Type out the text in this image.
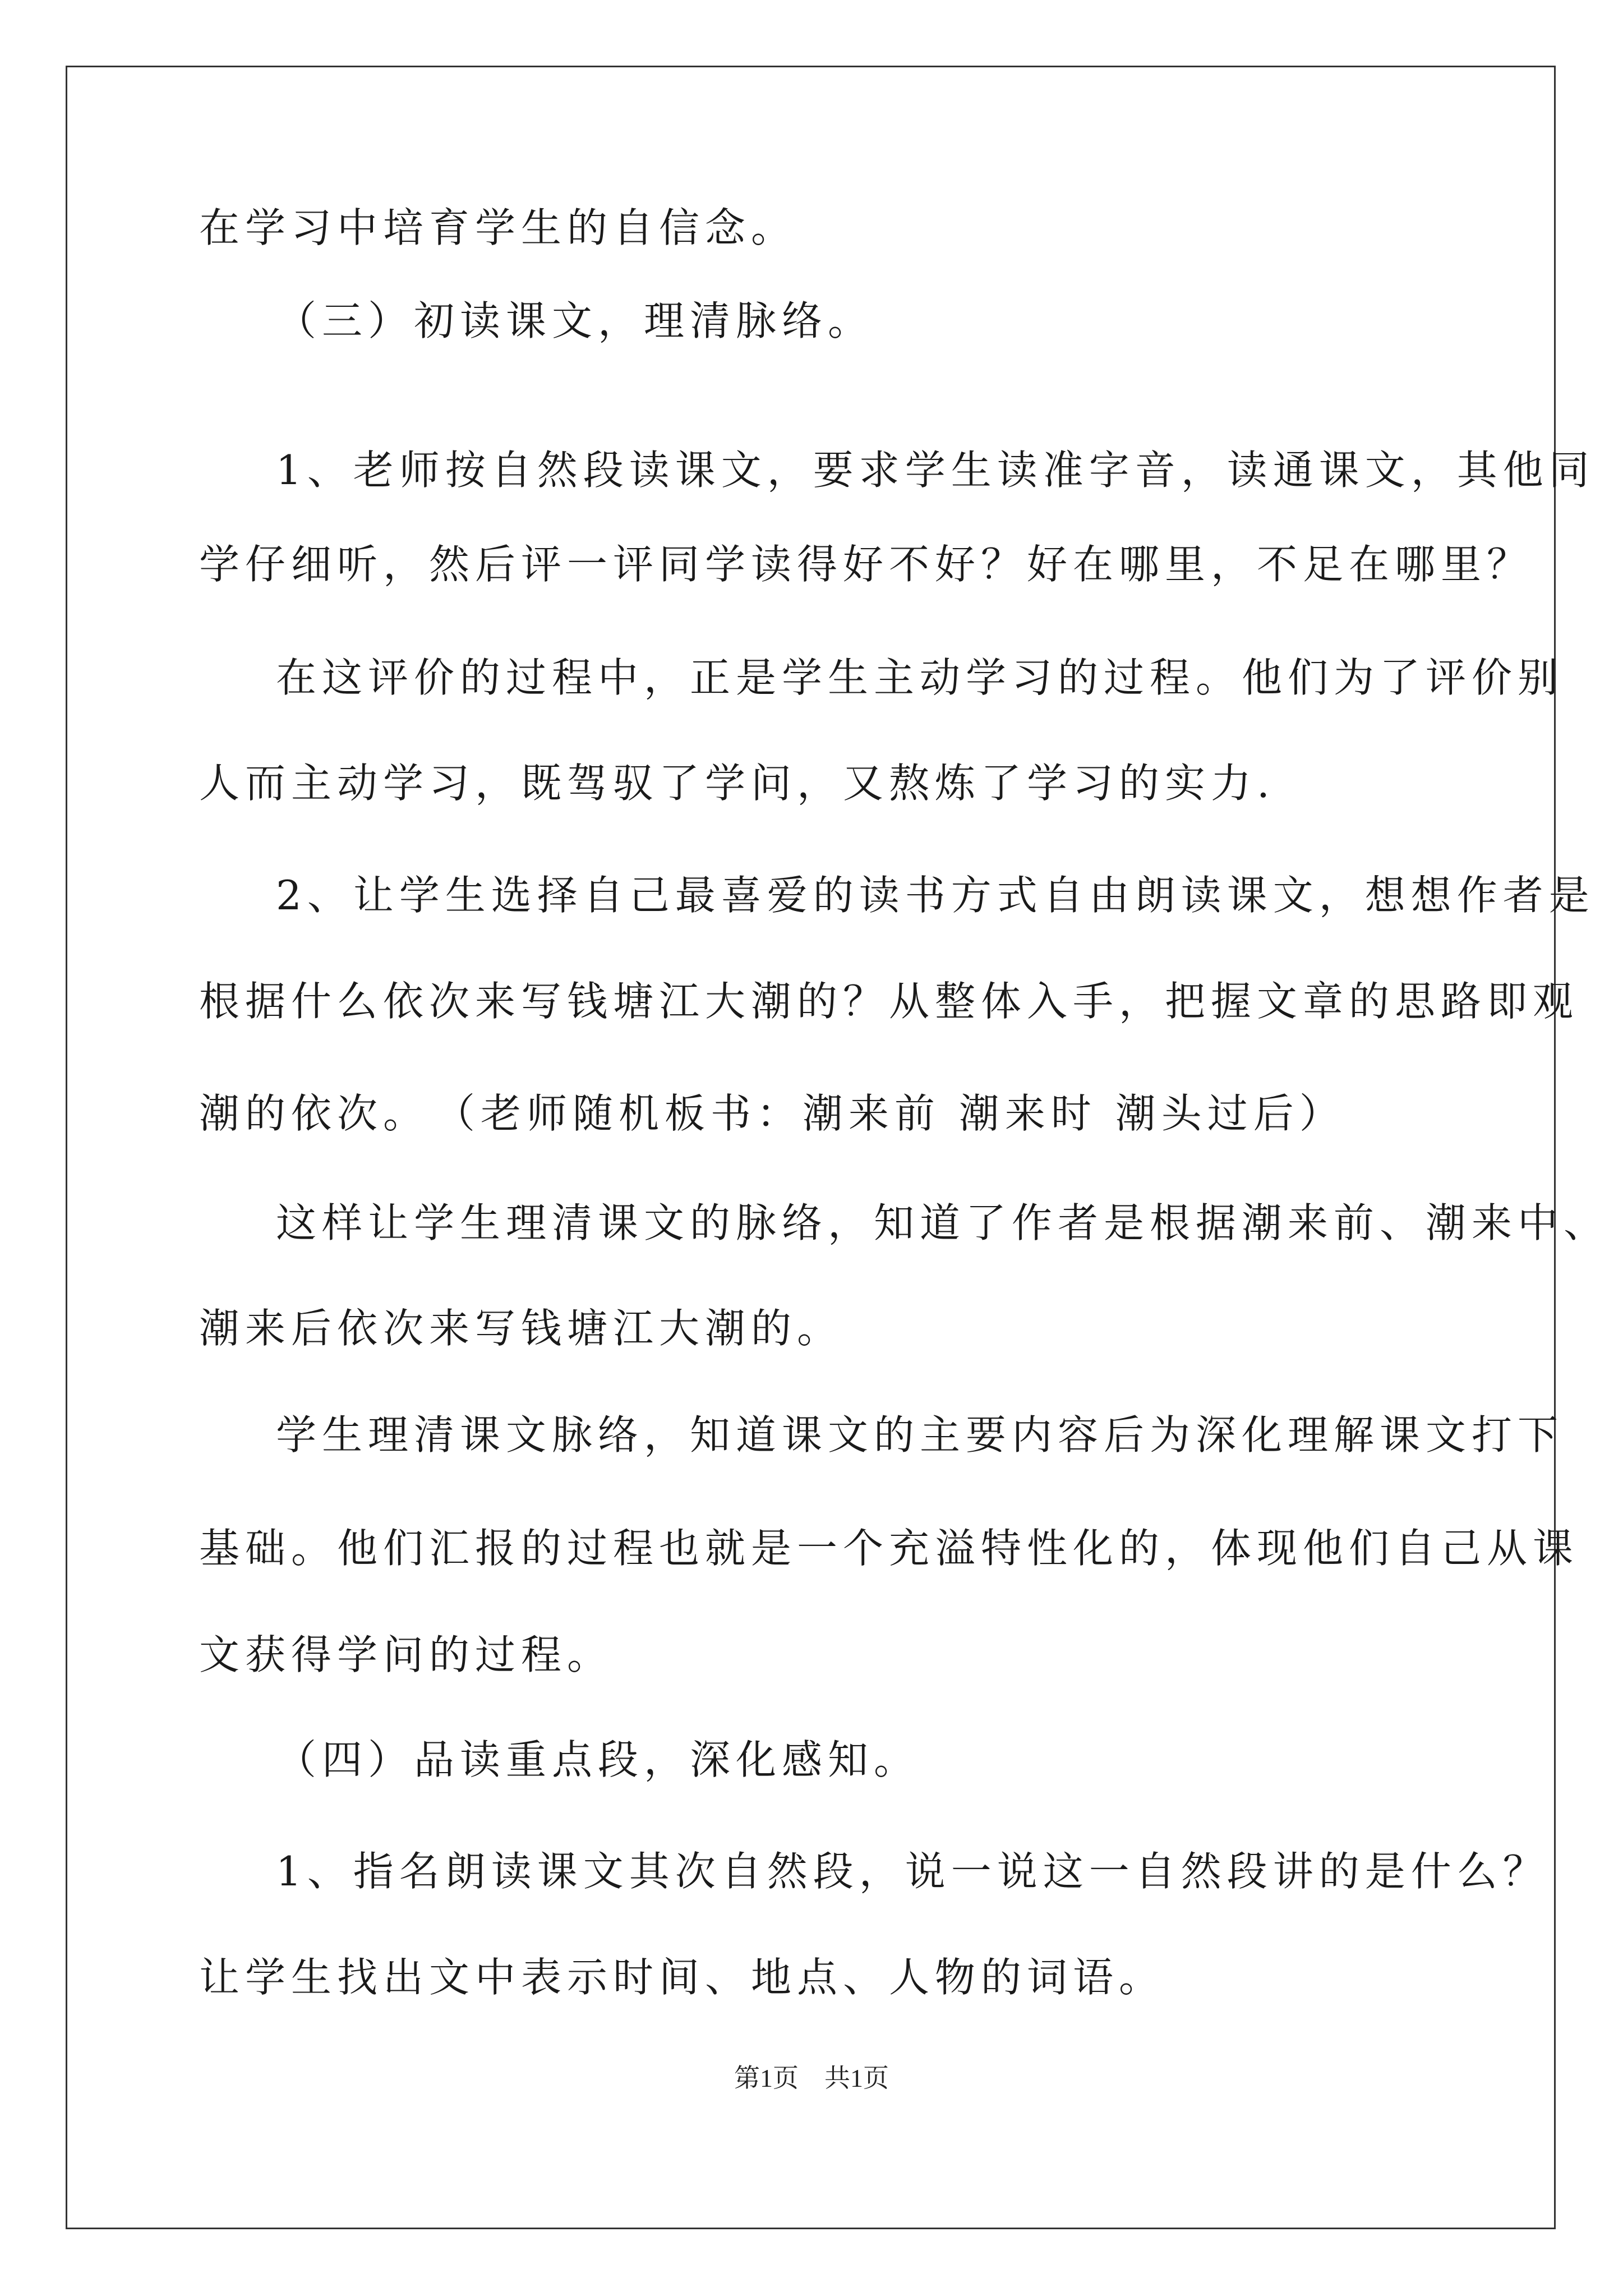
在学习中培育学生的自信念。
（三）初读课文，理清脉络。
1、老师按自然段读课文，要求学生读准字音，读通课文，其他同
学仔细听，然后评一评同学读得好不好？好在哪里，不足在哪里？
在这评价的过程中，正是学生主动学习的过程。他们为了评价别
人而主动学习，既驾驭了学问，又熬炼了学习的实力.
2、让学生选择自己最喜爱的读书方式自由朗读课文，想想作者是
根据什么依次来写钱塘江大潮的？从整体入手，把握文章的思路即观
潮的依次。　（老师随机板书：潮来前 潮来时 潮头过后）
这样让学生理清课文的脉络，知道了作者是根据潮来前、潮来中、
潮来后依次来写钱塘江大潮的。
学生理清课文脉络，知道课文的主要内容后为深化理解课文打下
基础。他们汇报的过程也就是一个充溢特性化的，体现他们自己从课
文获得学问的过程。
（四）品读重点段，深化感知。
1、指名朗读课文其次自然段，说一说这一自然段讲的是什么？
让学生找出文中表示时间、地点、人物的词语。
第1页　共1页
